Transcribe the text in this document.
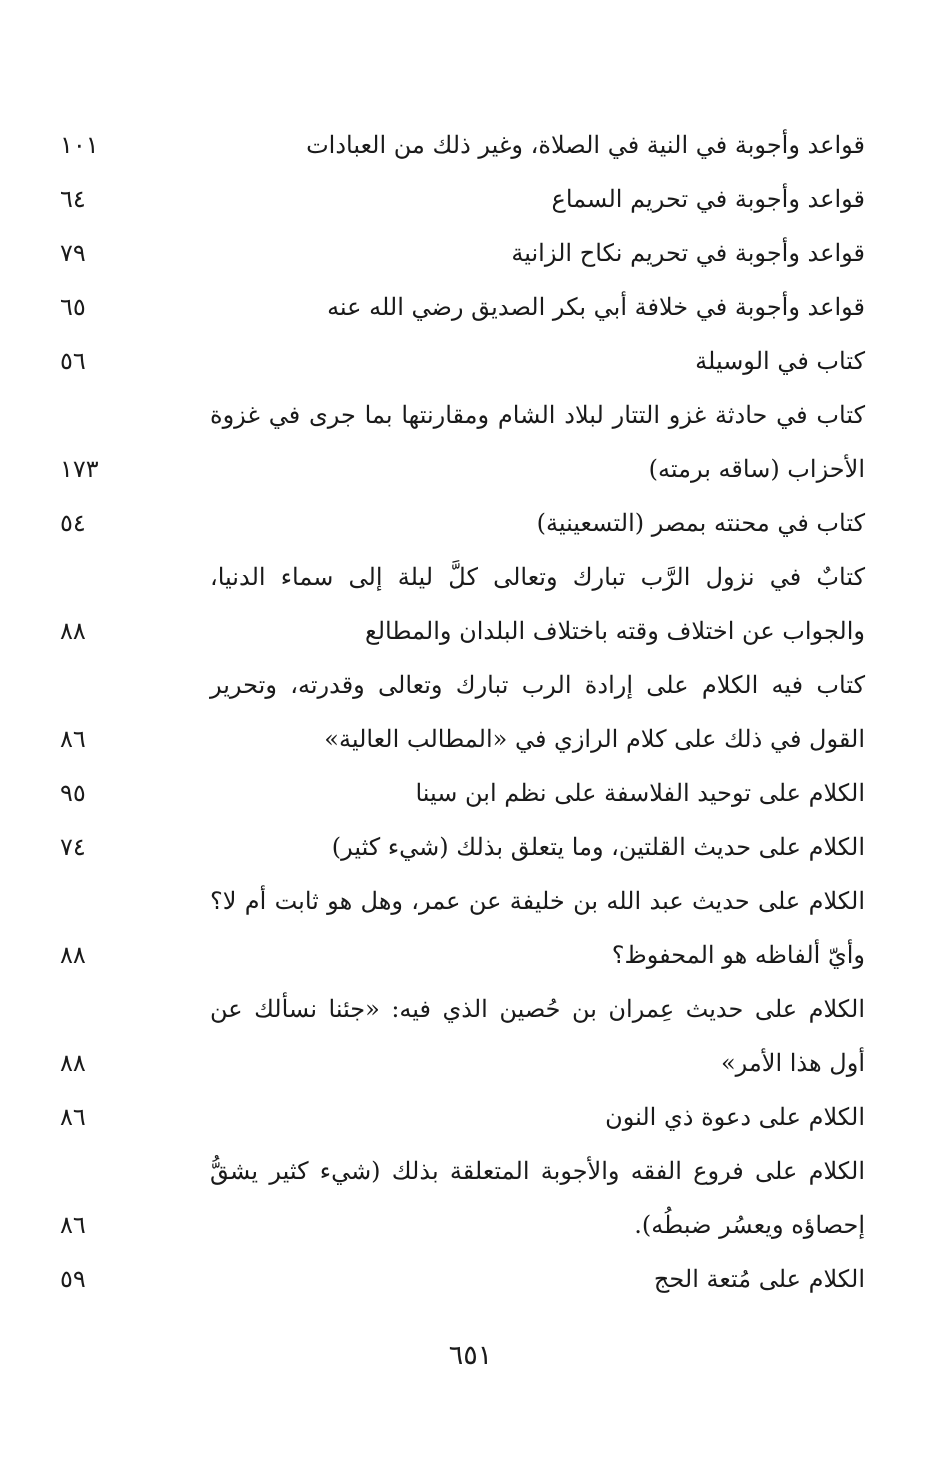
قواعد وأجوبة في النية في الصلاة، وغير ذلك من العبادات
١٠١
قواعد وأجوبة في تحريم السماع
٦٤
قواعد وأجوبة في تحريم نكاح الزانية
٧٩
قواعد وأجوبة في خلافة أبي بكر الصديق رضي الله عنه
٦٥
كتاب في الوسيلة
٥٦
كتاب في حادثة غزو التتار لبلاد الشام ومقارنتها بما جرى في غزوة الأحزاب (ساقه برمته)
١٧٣
كتاب في محنته بمصر (التسعينية)
٥٤
كتابٌ في نزول الرَّب تبارك وتعالى كلَّ ليلة إلى سماء الدنيا، والجواب عن اختلاف وقته باختلاف البلدان والمطالع
٨٨
كتاب فيه الكلام على إرادة الرب تبارك وتعالى وقدرته، وتحرير القول في ذلك على كلام الرازي في «المطالب العالية»
٨٦
الكلام على توحيد الفلاسفة على نظم ابن سينا
٩٥
الكلام على حديث القلتين، وما يتعلق بذلك (شيء كثير)
٧٤
الكلام على حديث عبد الله بن خليفة عن عمر، وهل هو ثابت أم لا؟ وأيّ ألفاظه هو المحفوظ؟
٨٨
الكلام على حديث عِمران بن حُصين الذي فيه: «جئنا نسألك عن أول هذا الأمر»
٨٨
الكلام على دعوة ذي النون
٨٦
الكلام على فروع الفقه والأجوبة المتعلقة بذلك (شيء كثير يشقُّ إحصاؤه ويعسُر ضبطُه).
٨٦
الكلام على مُتعة الحج
٥٩
٦٥١
